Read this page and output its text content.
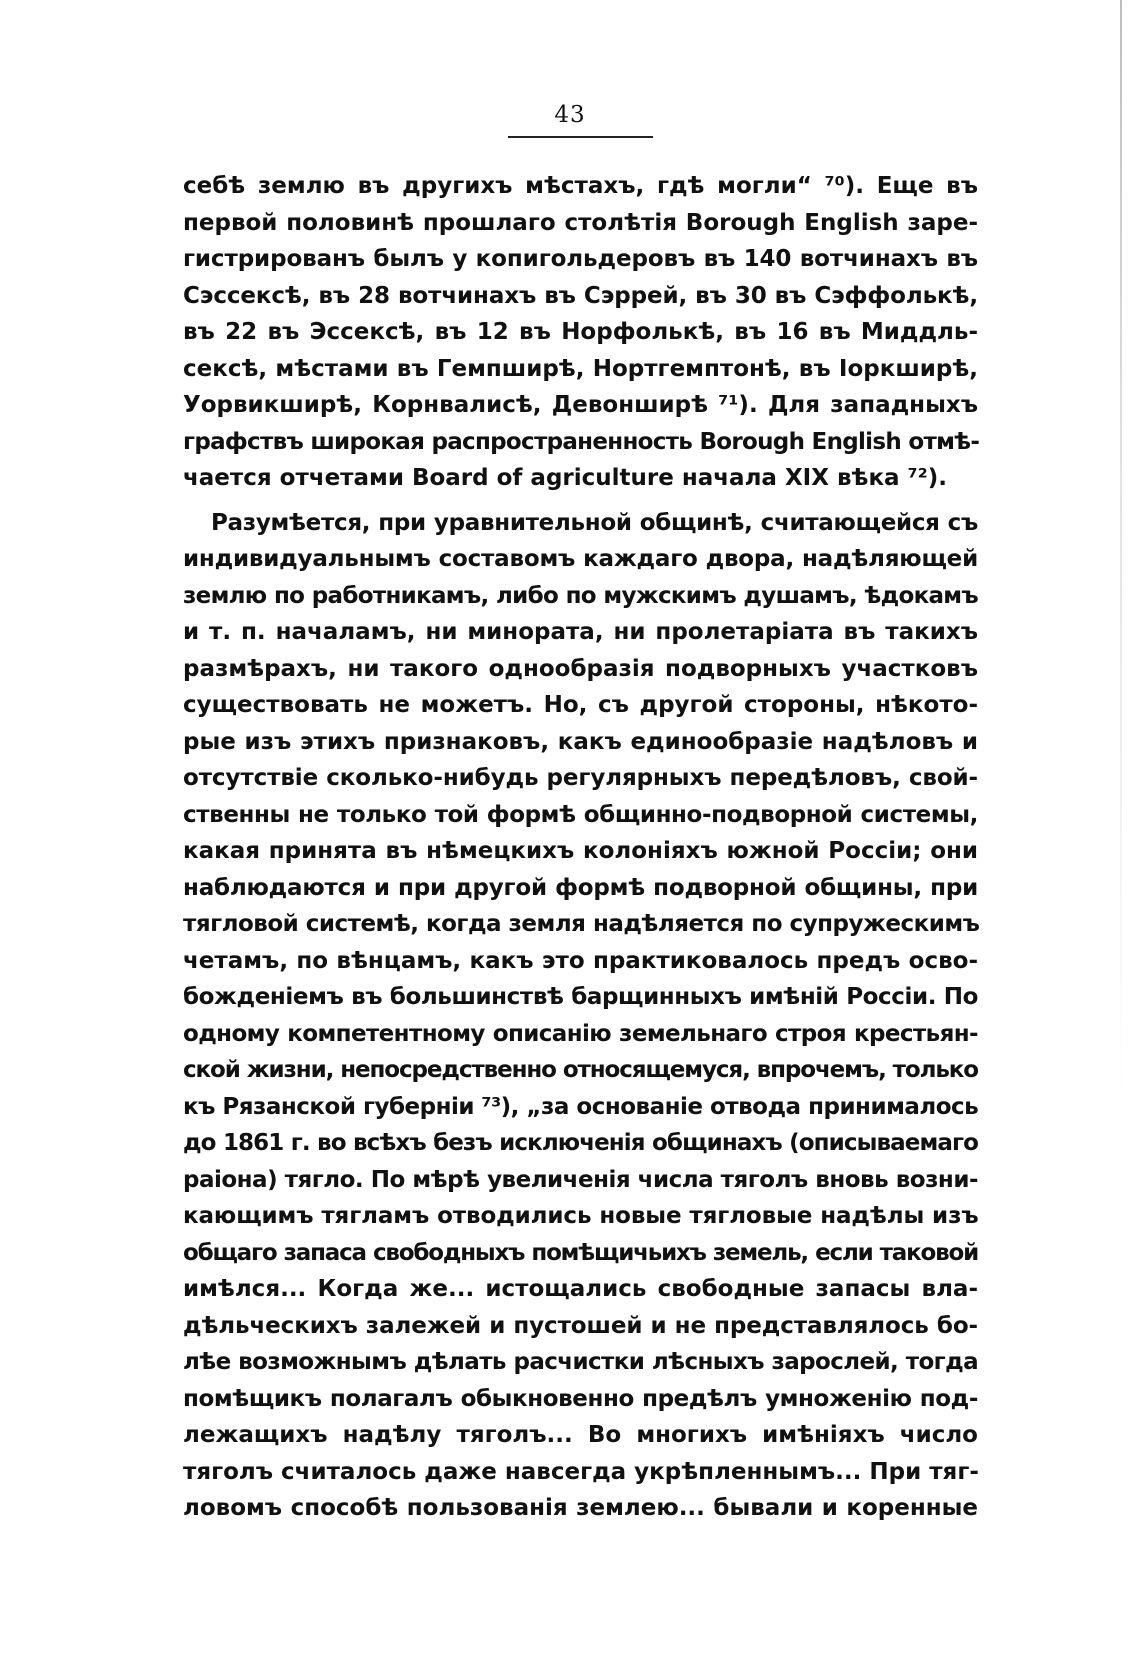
43
себѣ землю въ другихъ мѣстахъ, гдѣ могли“ ⁷⁰). Еще въ
первой половинѣ прошлаго столѣтія Borough English заре-
гистрированъ былъ у копигольдеровъ въ 140 вотчинахъ въ
Сэссексѣ, въ 28 вотчинахъ въ Сэррей, въ 30 въ Сэффолькѣ,
въ 22 въ Эссексѣ, въ 12 въ Норфолькѣ, въ 16 въ Миддль-
сексѣ, мѣстами въ Гемпширѣ, Нортгемптонѣ, въ Іоркширѣ,
Уорвикширѣ, Корнвалисѣ, Девонширѣ ⁷¹). Для западныхъ
графствъ широкая распространенность Borough English отмѣ-
чается отчетами Board of agriculture начала XIX вѣка ⁷²).
Разумѣется, при уравнительной общинѣ, считающейся съ
индивидуальнымъ составомъ каждаго двора, надѣляющей
землю по работникамъ, либо по мужскимъ душамъ, ѣдокамъ
и т. п. началамъ, ни минората, ни пролетаріата въ такихъ
размѣрахъ, ни такого однообразія подворныхъ участковъ
существовать не можетъ. Но, съ другой стороны, нѣкото-
рые изъ этихъ признаковъ, какъ единообразіе надѣловъ и
отсутствіе сколько-нибудь регулярныхъ передѣловъ, свой-
ственны не только той формѣ общинно-подворной системы,
какая принята въ нѣмецкихъ колоніяхъ южной Россіи; они
наблюдаются и при другой формѣ подворной общины, при
тягловой системѣ, когда земля надѣляется по супружескимъ
четамъ, по вѣнцамъ, какъ это практиковалось предъ осво-
божденіемъ въ большинствѣ барщинныхъ имѣній Россіи. По
одному компетентному описанію земельнаго строя крестьян-
ской жизни, непосредственно относящемуся, впрочемъ, только
къ Рязанской губерніи ⁷³), „за основаніе отвода принималось
до 1861 г. во всѣхъ безъ исключенія общинахъ (описываемаго
раіона) тягло. По мѣрѣ увеличенія числа тяголъ вновь возни-
кающимъ тягламъ отводились новые тягловые надѣлы изъ
общаго запаса свободныхъ помѣщичьихъ земель, если таковой
имѣлся... Когда же... истощались свободные запасы вла-
дѣльческихъ залежей и пустошей и не представлялось бо-
лѣе возможнымъ дѣлать расчистки лѣсныхъ зарослей, тогда
помѣщикъ полагалъ обыкновенно предѣлъ умноженію под-
лежащихъ надѣлу тяголъ... Во многихъ имѣніяхъ число
тяголъ считалось даже навсегда укрѣпленнымъ... При тяг-
ловомъ способѣ пользованія землею... бывали и коренные
